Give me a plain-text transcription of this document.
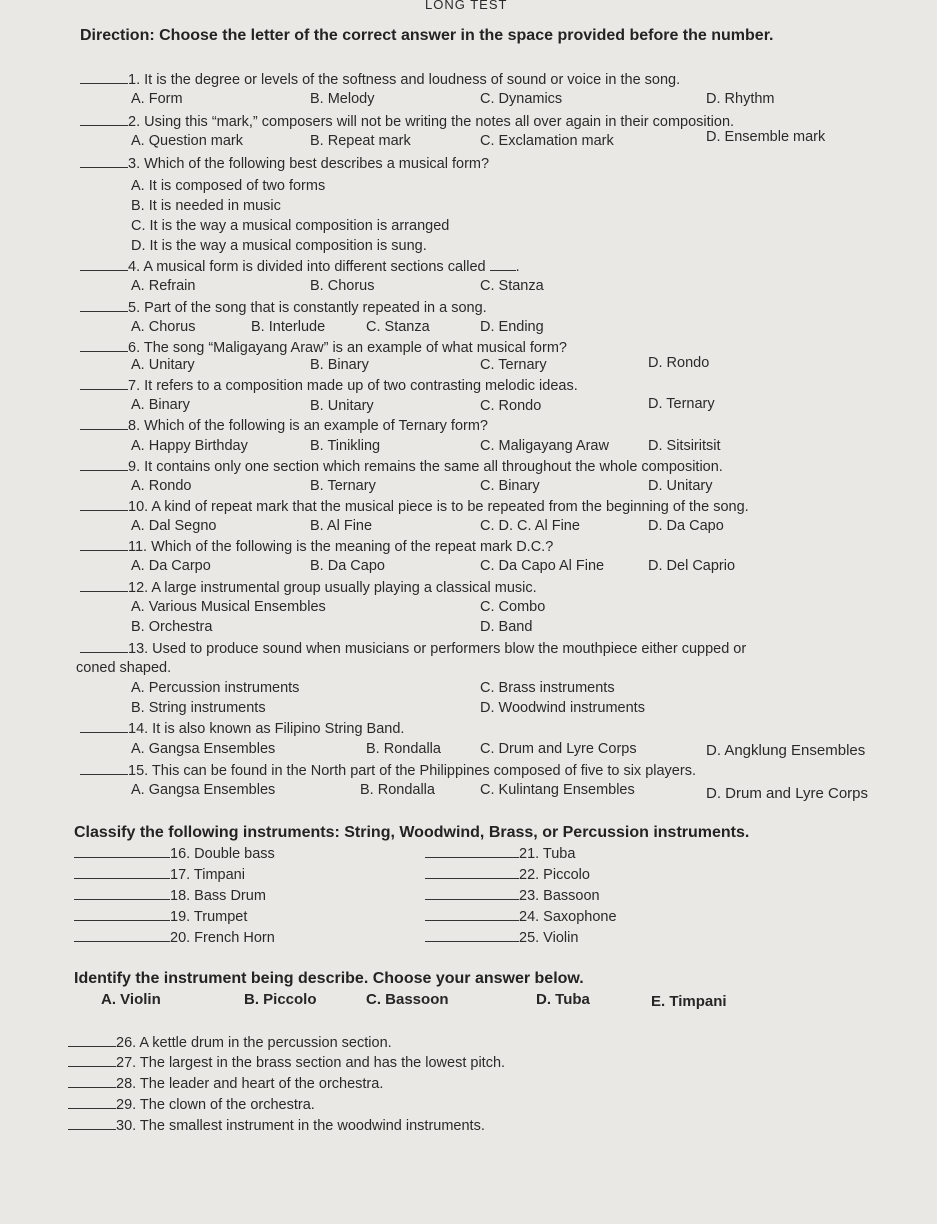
LONG TEST
Direction: Choose the letter of the correct answer in the space provided before the number.
1. It is the degree or levels of the softness and loudness of sound or voice in the song.
A. Form	B. Melody	C. Dynamics	D. Rhythm
2. Using this “mark,” composers will not be writing the notes all over again in their composition.
A. Question mark	B. Repeat mark	C. Exclamation mark	D. Ensemble mark
3. Which of the following best describes a musical form?
A. It is composed of two forms
B. It is needed in music
C. It is the way a musical composition is arranged
D. It is the way a musical composition is sung.
4. A musical form is divided into different sections called .
A. Refrain	B. Chorus	C. Stanza
5. Part of the song that is constantly repeated in a song.
A. Chorus	B. Interlude	C. Stanza	D. Ending
6. The song “Maligayang Araw” is an example of what musical form?
A. Unitary	B. Binary	C. Ternary	D. Rondo
7. It refers to a composition made up of two contrasting melodic ideas.
A. Binary	B. Unitary	C. Rondo	D. Ternary
8. Which of the following is an example of Ternary form?
A. Happy Birthday	B. Tinikling	C. Maligayang Araw	D. Sitsiritsit
9. It contains only one section which remains the same all throughout the whole composition.
A. Rondo	B. Ternary	C. Binary	D. Unitary
10. A kind of repeat mark that the musical piece is to be repeated from the beginning of the song.
A. Dal Segno	B. Al Fine	C. D. C. Al Fine	D. Da Capo
11. Which of the following is the meaning of the repeat mark D.C.?
A. Da Carpo	B. Da Capo	C. Da Capo Al Fine	D. Del Caprio
12. A large instrumental group usually playing a classical music.
A. Various Musical Ensembles	C. Combo
B. Orchestra	D. Band
13. Used to produce sound when musicians or performers blow the mouthpiece either cupped or
coned shaped.
A. Percussion instruments	C. Brass instruments
B. String instruments	D. Woodwind instruments
14. It is also known as Filipino String Band.
A. Gangsa Ensembles	B. Rondalla	C. Drum and Lyre Corps	D. Angklung Ensembles
15. This can be found in the North part of the Philippines composed of five to six players.
A. Gangsa Ensembles	B. Rondalla	C. Kulintang Ensembles	D. Drum and Lyre Corps
Classify the following instruments: String, Woodwind, Brass, or Percussion instruments.
16. Double bass
17. Timpani
18. Bass Drum
19. Trumpet
20. French Horn
21. Tuba
22. Piccolo
23. Bassoon
24. Saxophone
25. Violin
Identify the instrument being describe. Choose your answer below.
A. Violin	B. Piccolo	C. Bassoon	D. Tuba	E. Timpani
26. A kettle drum in the percussion section.
27. The largest in the brass section and has the lowest pitch.
28. The leader and heart of the orchestra.
29. The clown of the orchestra.
30. The smallest instrument in the woodwind instruments.
